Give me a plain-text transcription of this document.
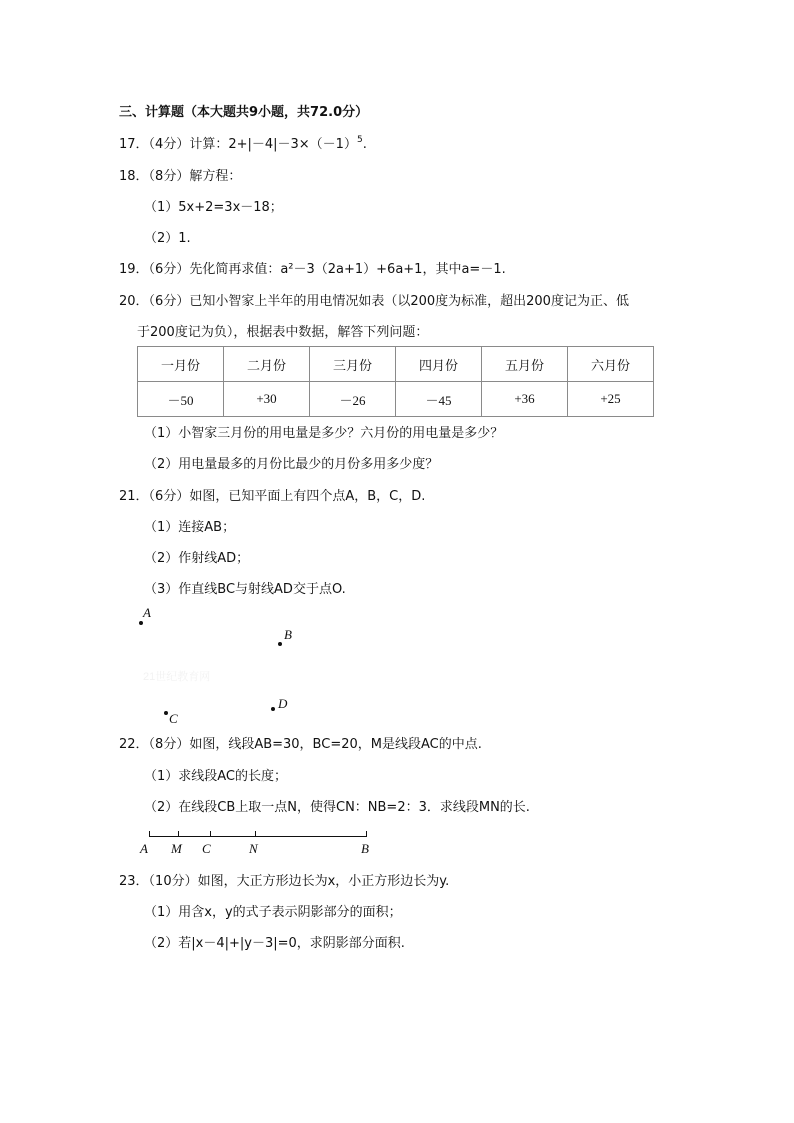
三、计算题（本大题共9小题，共72.0分）
17．（4分）计算：$2+|-4|-3\times(-1)^5$.
18．（8分）解方程：
（1）5x+2=3x－18；
（2）1.
19．（6分）先化简再求值：a²－3（2a+1）+6a+1，其中a=－1.
20．（6分）已知小智家上半年的用电情况如表（以200度为标准，超出200度记为正、低
于200度记为负），根据表中数据，解答下列问题：
一月份	二月份	三月份	四月份	五月份	六月份
－50	+30	－26	－45	+36	+25
（1）小智家三月份的用电量是多少？六月份的用电量是多少？
（2）用电量最多的月份比最少的月份多用多少度？
21．（6分）如图，已知平面上有四个点A，B，C，D.
（1）连接AB；
（2）作射线AD；
（3）作直线BC与射线AD交于点O.
A
B
21世纪教育网
D
C
22．（8分）如图，线段AB=30，BC=20，M是线段AC的中点.
（1）求线段AC的长度；
（2）在线段CB上取一点N，使得CN：NB=2：3．求线段MN的长.
A M C	N	B
23．（10分）如图，大正方形边长为x，小正方形边长为y.
（1）用含x，y的式子表示阴影部分的面积；
（2）若|x－4|+|y－3|=0，求阴影部分面积.
